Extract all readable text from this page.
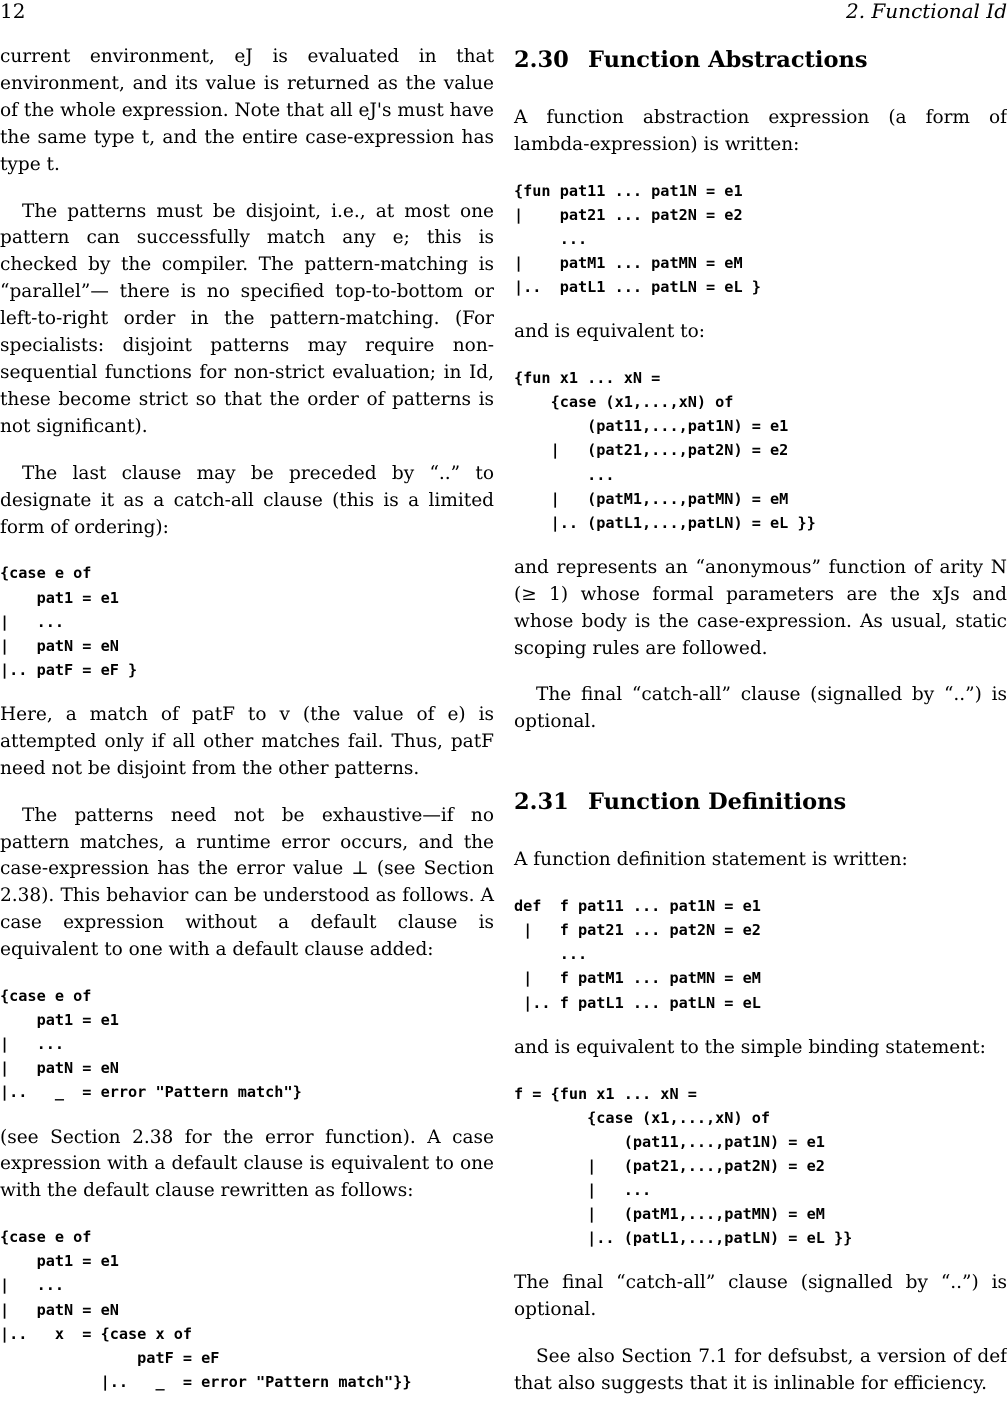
12	2. Functional Id

current environment, eJ is evaluated in that environment, and its value is returned as the value of the whole expression. Note that all eJ's must have the same type t, and the entire case-expression has type t.

The patterns must be disjoint, i.e., at most one pattern can successfully match any e; this is checked by the compiler. The pattern-matching is “parallel”— there is no specified top-to-bottom or left-to-right order in the pattern-matching. (For specialists: disjoint patterns may require non-sequential functions for non-strict evaluation; in Id, these become strict so that the order of patterns is not significant).

The last clause may be preceded by “..” to designate it as a catch-all clause (this is a limited form of ordering):

{case e of
pat1 = e1
|   ...
|   patN = eN
|.. patF = eF }

Here, a match of patF to v (the value of e) is attempted only if all other matches fail. Thus, patF need not be disjoint from the other patterns.

The patterns need not be exhaustive—if no pattern matches, a runtime error occurs, and the case-expression has the error value ⊥ (see Section 2.38). This behavior can be understood as follows. A case expression without a default clause is equivalent to one with a default clause added:

{case e of
pat1 = e1
|   ...
|   patN = eN
|..   _  = error "Pattern match"}

(see Section 2.38 for the error function). A case expression with a default clause is equivalent to one with the default clause rewritten as follows:

{case e of
pat1 = e1
|   ...
|   patN = eN
|..   x  = {case x of
patF = eF
|..   _  = error "Pattern match"}}
2.30 Function Abstractions

A function abstraction expression (a form of lambda-expression) is written:

{fun pat11 ... pat1N = e1
|    pat21 ... pat2N = e2
...
|    patM1 ... patMN = eM
|..  patL1 ... patLN = eL }

and is equivalent to:

{fun x1 ... xN =
{case (x1,...,xN) of
(pat11,...,pat1N) = e1
|   (pat21,...,pat2N) = e2
...
|   (patM1,...,patMN) = eM
|.. (patL1,...,patLN) = eL }}

and represents an “anonymous” function of arity N (≥ 1) whose formal parameters are the xJs and whose body is the case-expression. As usual, static scoping rules are followed.

The final “catch-all” clause (signalled by “..”) is optional.

2.31 Function Definitions

A function definition statement is written:

def  f pat11 ... pat1N = e1
|   f pat21 ... pat2N = e2
...
|   f patM1 ... patMN = eM
|.. f patL1 ... patLN = eL

and is equivalent to the simple binding statement:

f = {fun x1 ... xN =
{case (x1,...,xN) of
(pat11,...,pat1N) = e1
|   (pat21,...,pat2N) = e2
|   ...
|   (patM1,...,patMN) = eM
|.. (patL1,...,patLN) = eL }}

The final “catch-all” clause (signalled by “..”) is optional.

See also Section 7.1 for defsubst, a version of def that also suggests that it is inlinable for efficiency.
